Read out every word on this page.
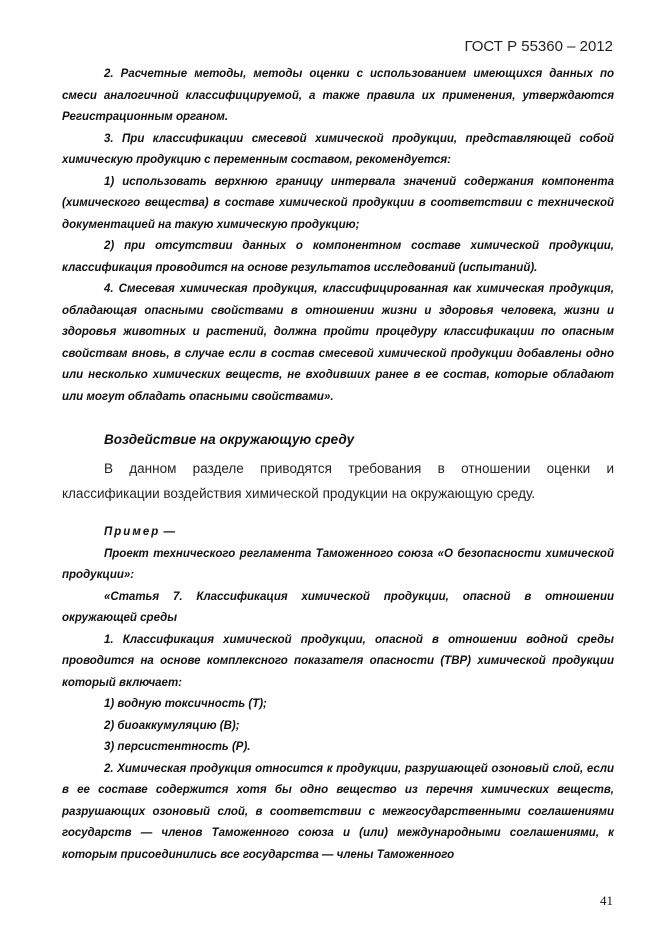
ГОСТ Р 55360 – 2012

2. Расчетные методы, методы оценки с использованием имеющихся данных по смеси аналогичной классифицируемой, а также правила их применения, утверждаются Регистрационным органом.

3. При классификации смесевой химической продукции, представляющей собой химическую продукцию с переменным составом, рекомендуется:

1) использовать верхнюю границу интервала значений содержания компонента (химического вещества) в составе химической продукции в соответствии с технической документацией на такую химическую продукцию;

2) при отсутствии данных о компонентном составе химической продукции, классификация проводится на основе результатов исследований (испытаний).

4. Смесевая химическая продукция, классифицированная как химическая продукция, обладающая опасными свойствами в отношении жизни и здоровья человека, жизни и здоровья животных и растений, должна пройти процедуру классификации по опасным свойствам вновь, в случае если в состав смесевой химической продукции добавлены одно или несколько химических веществ, не входивших ранее в ее состав, которые обладают или могут обладать опасными свойствами».

Воздействие на окружающую среду

В данном разделе приводятся требования в отношении оценки и классификации воздействия химической продукции на окружающую среду.

Пример —

Проект технического регламента Таможенного союза «О безопасности химической продукции»:

«Статья 7. Классификация химической продукции, опасной в отношении окружающей среды

1. Классификация химической продукции, опасной в отношении водной среды проводится на основе комплексного показателя опасности (ТВР) химической продукции который включает:

1) водную токсичность (Т);

2) биоаккумуляцию (В);

3) персистентность (Р).

2. Химическая продукция относится к продукции, разрушающей озоновый слой, если в ее составе содержится хотя бы одно вещество из перечня химических веществ, разрушающих озоновый слой, в соответствии с межгосударственными соглашениями государств — членов Таможенного союза и (или) международными соглашениями, к которым присоединились все государства — члены Таможенного

41
